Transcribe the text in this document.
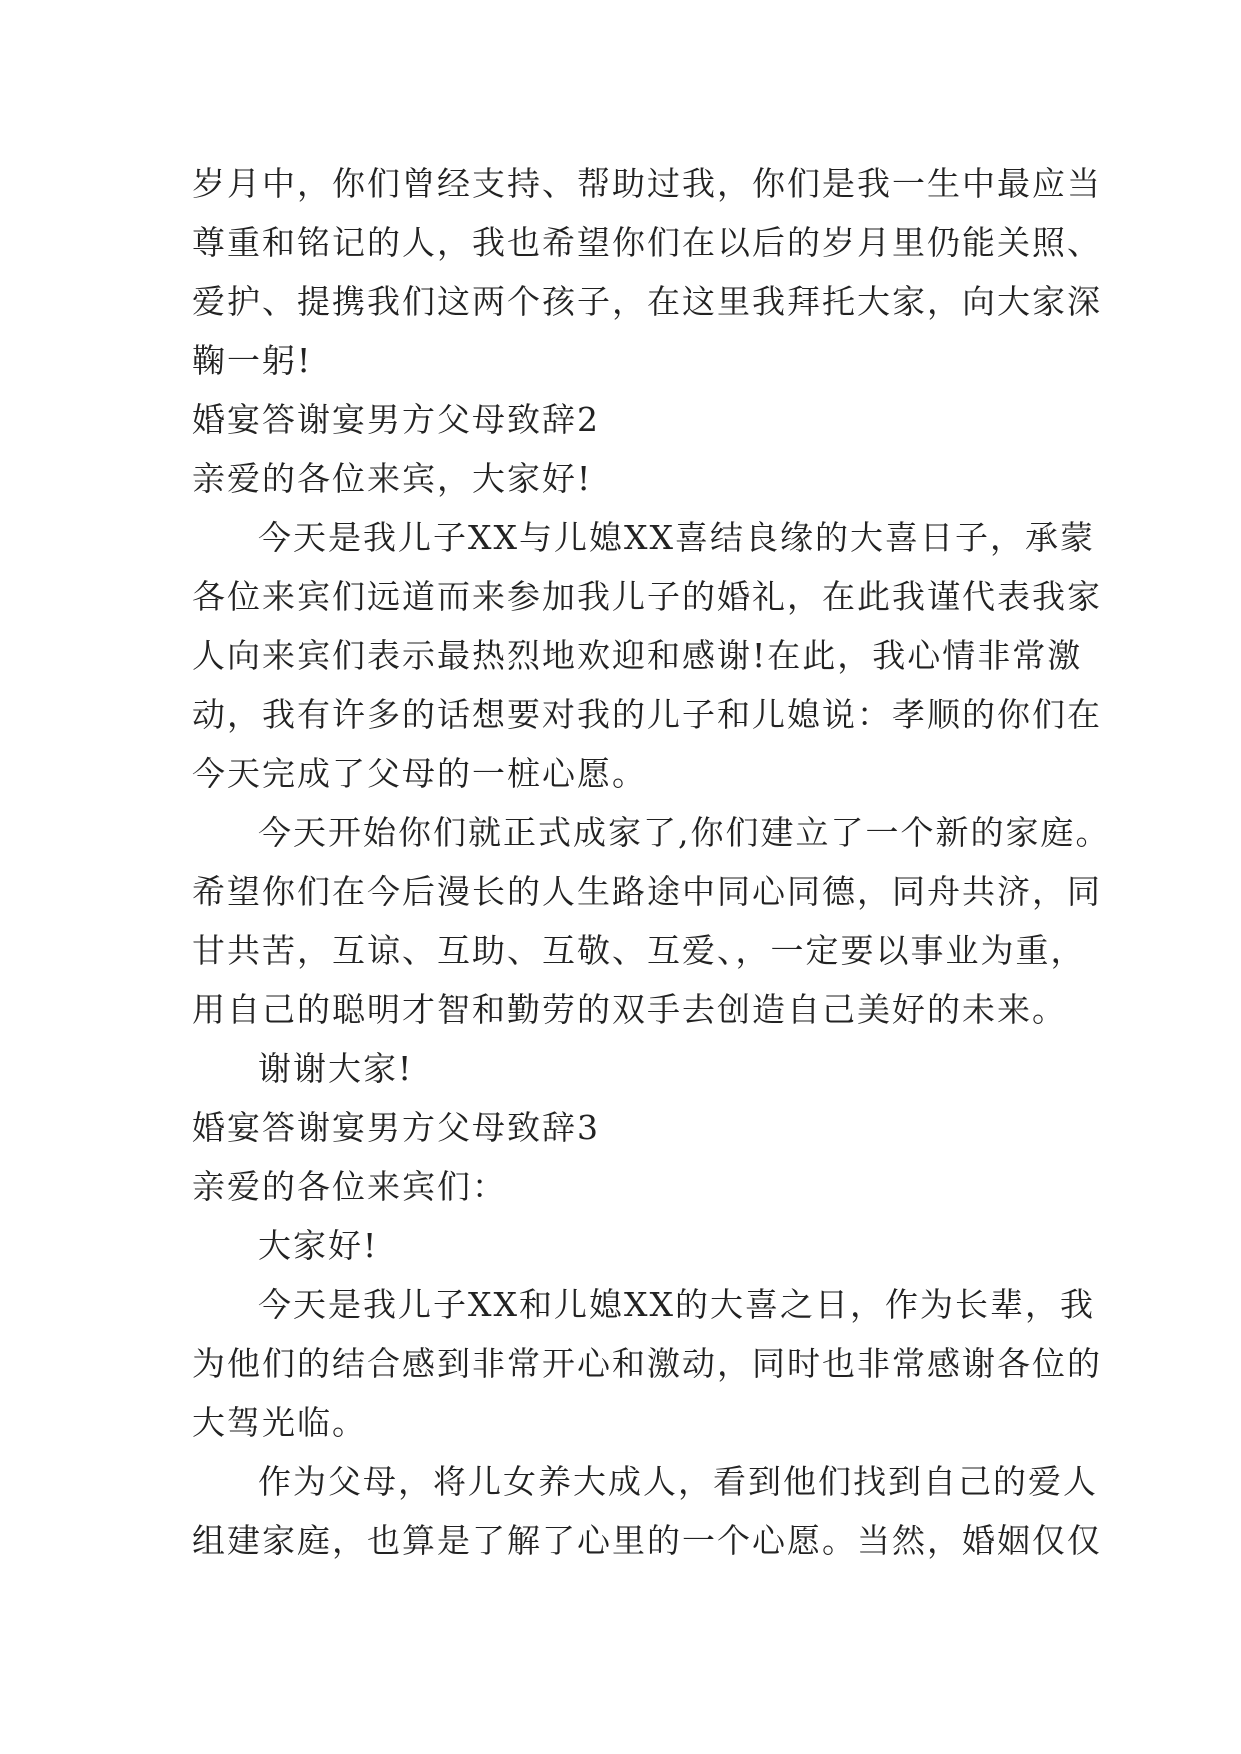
岁月中，你们曾经支持、帮助过我，你们是我一生中最应当
尊重和铭记的人，我也希望你们在以后的岁月里仍能关照、
爱护、提携我们这两个孩子，在这里我拜托大家，向大家深
鞠一躬!
婚宴答谢宴男方父母致辞2
亲爱的各位来宾，大家好!
今天是我儿子XX与儿媳XX喜结良缘的大喜日子，承蒙
各位来宾们远道而来参加我儿子的婚礼，在此我谨代表我家
人向来宾们表示最热烈地欢迎和感谢!在此，我心情非常激
动，我有许多的话想要对我的儿子和儿媳说：孝顺的你们在
今天完成了父母的一桩心愿。
今天开始你们就正式成家了,你们建立了一个新的家庭。
希望你们在今后漫长的人生路途中同心同德，同舟共济，同
甘共苦，互谅、互助、互敬、互爱、，一定要以事业为重，
用自己的聪明才智和勤劳的双手去创造自己美好的未来。
谢谢大家!
婚宴答谢宴男方父母致辞3
亲爱的各位来宾们：
大家好!
今天是我儿子XX和儿媳XX的大喜之日，作为长辈，我
为他们的结合感到非常开心和激动，同时也非常感谢各位的
大驾光临。
作为父母，将儿女养大成人，看到他们找到自己的爱人
组建家庭，也算是了解了心里的一个心愿。当然，婚姻仅仅
